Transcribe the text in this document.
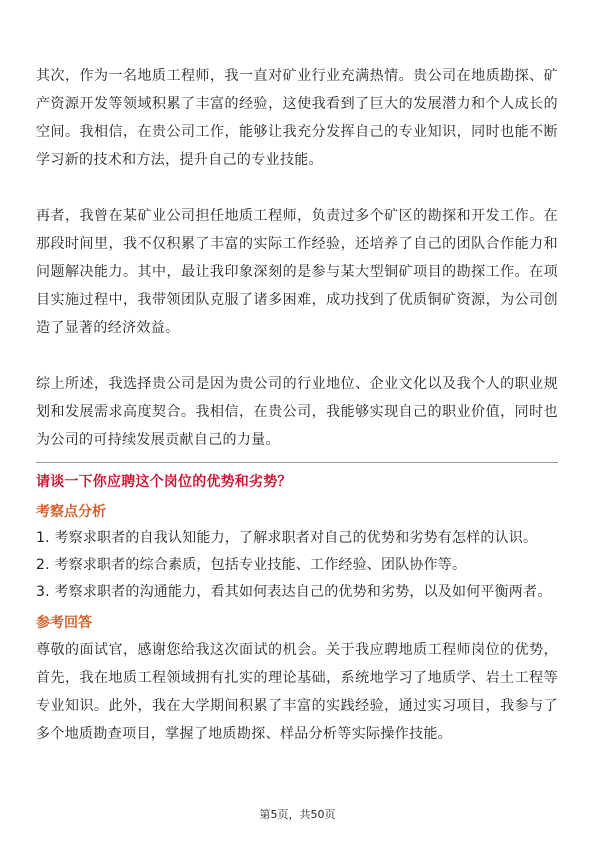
其次，作为一名地质工程师，我一直对矿业行业充满热情。贵公司在地质勘探、矿产资源开发等领域积累了丰富的经验，这使我看到了巨大的发展潜力和个人成长的空间。我相信，在贵公司工作，能够让我充分发挥自己的专业知识，同时也能不断学习新的技术和方法，提升自己的专业技能。

再者，我曾在某矿业公司担任地质工程师，负责过多个矿区的勘探和开发工作。在那段时间里，我不仅积累了丰富的实际工作经验，还培养了自己的团队合作能力和问题解决能力。其中，最让我印象深刻的是参与某大型铜矿项目的勘探工作。在项目实施过程中，我带领团队克服了诸多困难，成功找到了优质铜矿资源，为公司创造了显著的经济效益。

综上所述，我选择贵公司是因为贵公司的行业地位、企业文化以及我个人的职业规划和发展需求高度契合。我相信，在贵公司，我能够实现自己的职业价值，同时也为公司的可持续发展贡献自己的力量。

请谈一下你应聘这个岗位的优势和劣势？
考察点分析
1. 考察求职者的自我认知能力，了解求职者对自己的优势和劣势有怎样的认识。
2. 考察求职者的综合素质，包括专业技能、工作经验、团队协作等。
3. 考察求职者的沟通能力，看其如何表达自己的优势和劣势，以及如何平衡两者。
参考回答

尊敬的面试官，感谢您给我这次面试的机会。关于我应聘地质工程师岗位的优势，首先，我在地质工程领域拥有扎实的理论基础，系统地学习了地质学、岩土工程等专业知识。此外，我在大学期间积累了丰富的实践经验，通过实习项目，我参与了多个地质勘查项目，掌握了地质勘探、样品分析等实际操作技能。

第5页，共50页
